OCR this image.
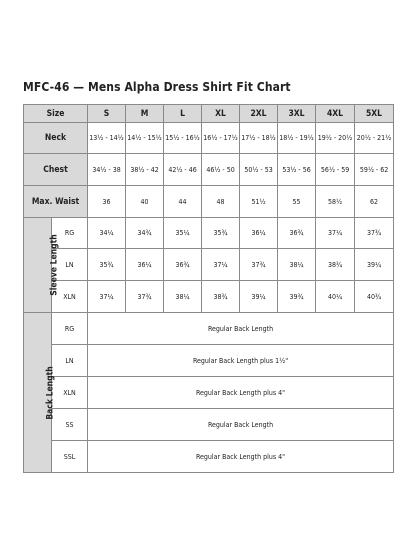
MFC-46 — Mens Alpha Dress Shirt Fit Chart
Size		S	M	L	XL	2XL	3XL	4XL	5XL
Neck		13½ - 14½	14½ - 15½	15½ - 16½	16½ - 17½	17½ - 18½	18½ - 19½	19½ - 20½	20½ - 21½
Chest		34½ - 38	38½ - 42	42½ - 46	46½ - 50	50½ - 53	53½ - 56	56½ - 59	59½ - 62
Max. Waist		36	40	44	48	51½	55	58½	62
Sleeve Length	RG	34¼	34¾	35¼	35¾	36¼	36¾	37¼	37¾
	LN	35¾	36¼	36¾	37¼	37¾	38¼	38¾	39¼
	XLN	37¼	37¾	38¼	38¾	39¼	39¾	40¼	40¾
Back Length	RG	Regular Back Length							
	LN	Regular Back Length plus 1½"							
	XLN	Regular Back Length plus 4"							
	SS	Regular Back Length							
	SSL	Regular Back Length plus 4"							
